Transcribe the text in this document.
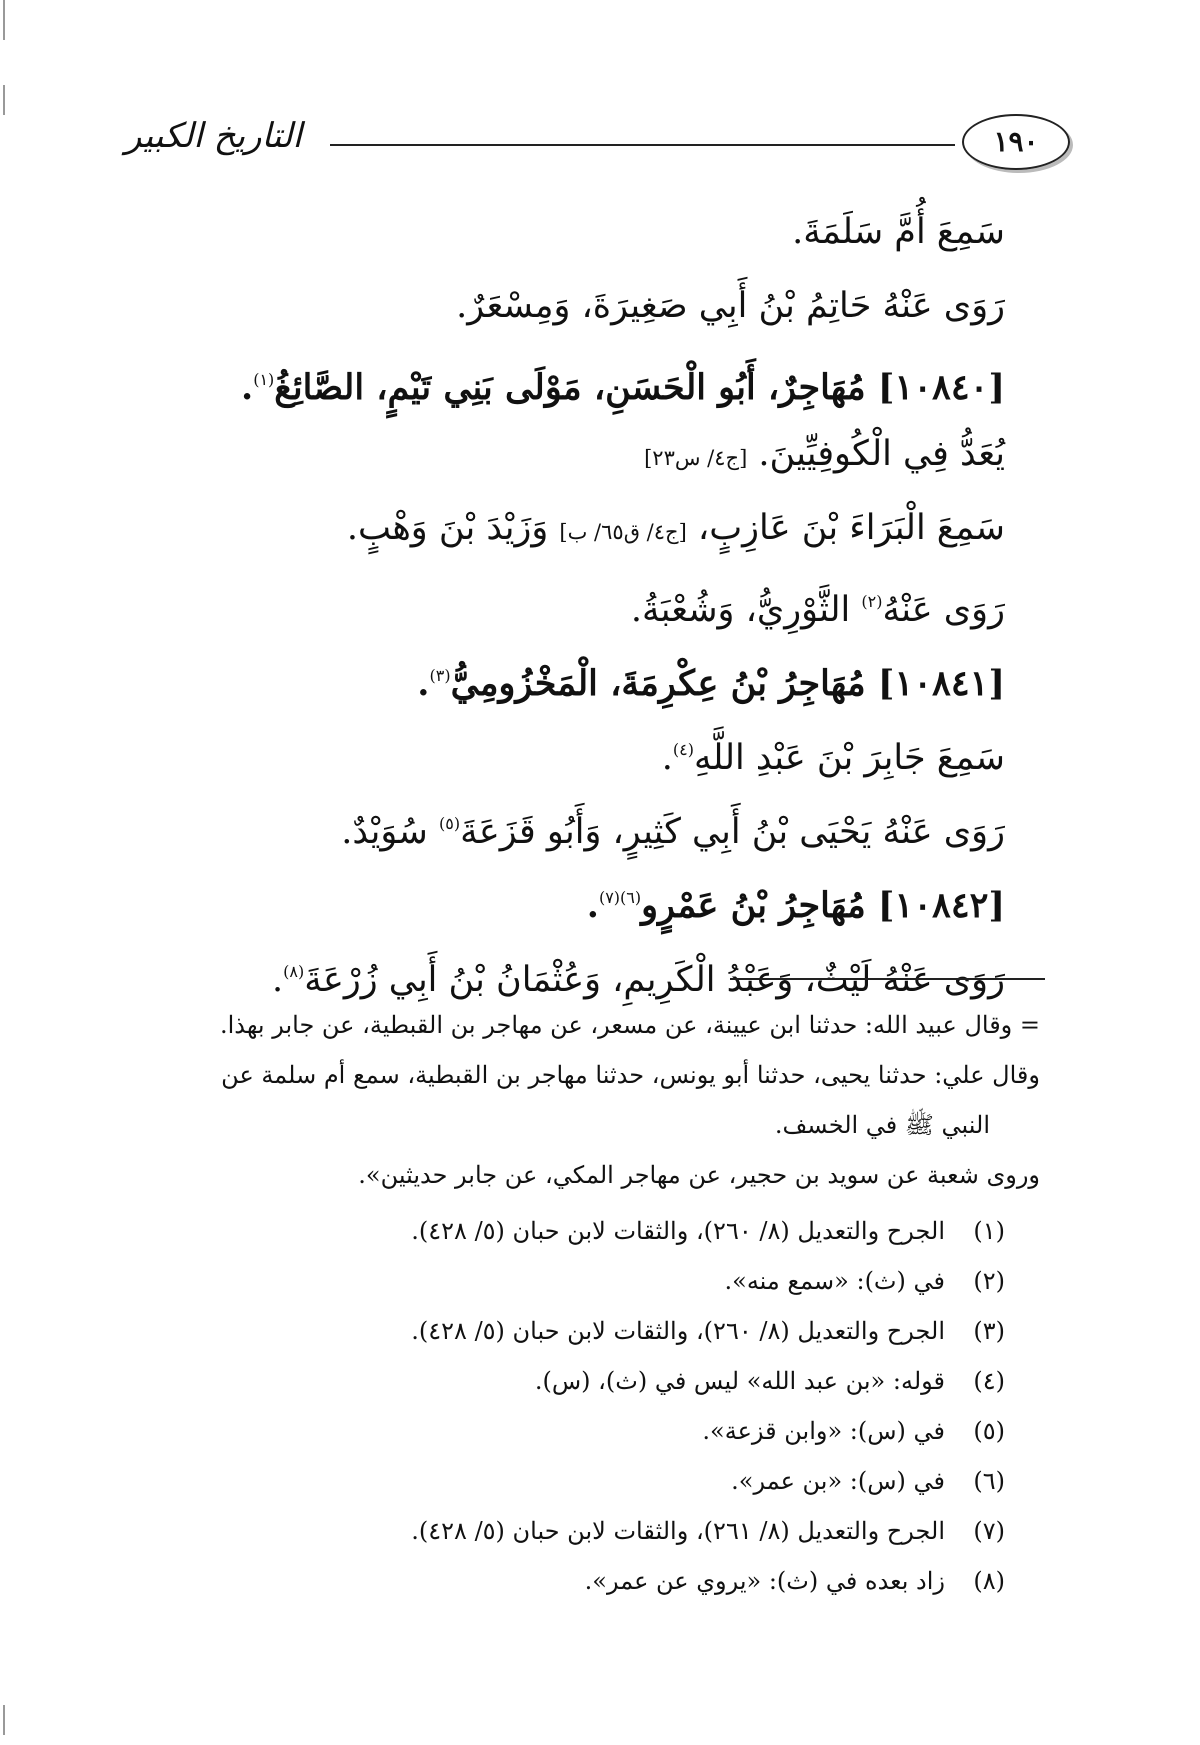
التاريخ الكبير	١٩٠

سَمِعَ أُمَّ سَلَمَةَ.

رَوَى عَنْهُ حَاتِمُ بْنُ أَبِي صَغِيرَةَ، وَمِسْعَرٌ.

[١٠٨٤٠] مُهَاجِرٌ، أَبُو الْحَسَنِ، مَوْلَى بَنِي تَيْمٍ، الصَّائِغُ$^{(١)}$.

يُعَدُّ فِي الْكُوفِيِّينَ. [ج٤/ س٢٣]

سَمِعَ الْبَرَاءَ بْنَ عَازِبٍ، [ج٤/ ق٦٥/ ب] وَزَيْدَ بْنَ وَهْبٍ.

رَوَى عَنْهُ$^{(٢)}$ الثَّوْرِيُّ، وَشُعْبَةُ.

[١٠٨٤١] مُهَاجِرُ بْنُ عِكْرِمَةَ، الْمَخْزُومِيُّ$^{(٣)}$.

سَمِعَ جَابِرَ بْنَ عَبْدِ اللَّهِ$^{(٤)}$.

رَوَى عَنْهُ يَحْيَى بْنُ أَبِي كَثِيرٍ، وَأَبُو قَزَعَةَ$^{(٥)}$ سُوَيْدٌ.

[١٠٨٤٢] مُهَاجِرُ بْنُ عَمْرٍو$^{(٦)(٧)}$.

رَوَى عَنْهُ لَيْثٌ، وَعَبْدُ الْكَرِيمِ، وَعُثْمَانُ بْنُ أَبِي زُرْعَةَ$^{(٨)}$.

= وقال عبيد الله: حدثنا ابن عيينة، عن مسعر، عن مهاجر بن القبطية، عن جابر بهذا.
وقال علي: حدثنا يحيى، حدثنا أبو يونس، حدثنا مهاجر بن القبطية، سمع أم سلمة عن
النبي ﷺ في الخسف.
وروى شعبة عن سويد بن حجير، عن مهاجر المكي، عن جابر حديثين».
(١)الجرح والتعديل (٨/ ٢٦٠)، والثقات لابن حبان (٥/ ٤٢٨).
(٢)في (ث): «سمع منه».
(٣)الجرح والتعديل (٨/ ٢٦٠)، والثقات لابن حبان (٥/ ٤٢٨).
(٤)قوله: «بن عبد الله» ليس في (ث)، (س).
(٥)في (س): «وابن قزعة».
(٦)في (س): «بن عمر».
(٧)الجرح والتعديل (٨/ ٢٦١)، والثقات لابن حبان (٥/ ٤٢٨).
(٨)زاد بعده في (ث): «يروي عن عمر».
